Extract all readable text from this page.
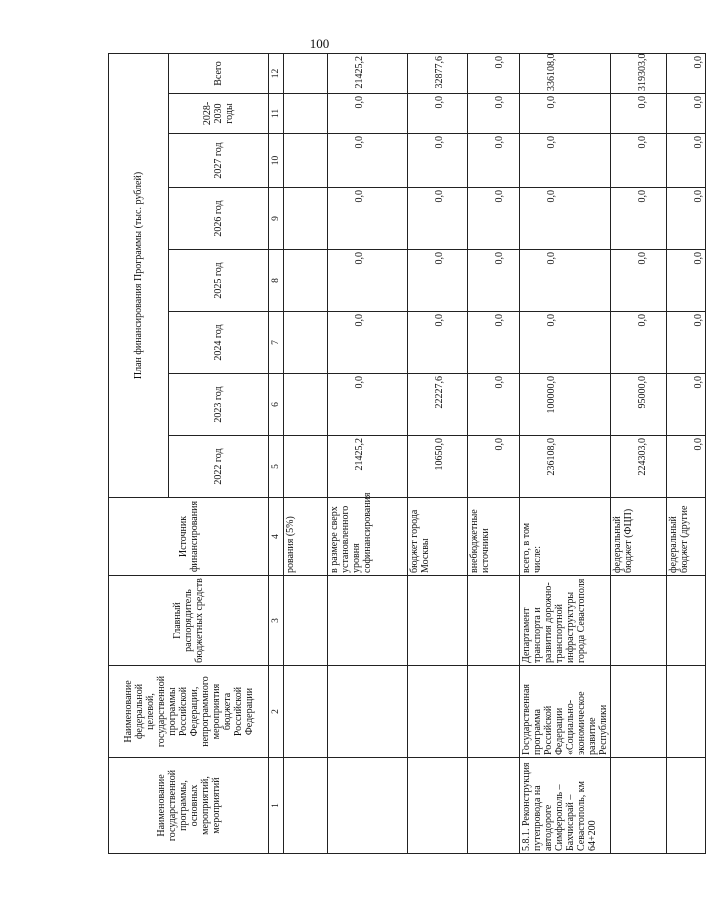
100
Наименование государственной программы, основных мероприятий, мероприятий	Наименование федеральной целевой, государственной программы Российской Федерации, непрограммного мероприятия бюджета Российской Федерации	Главный распорядитель бюджетных средств	Источник финансирования	План финансирования Программы (тыс. рублей)							
				2022 год	2023 год	2024 год	2025 год	2026 год	2027 год	2028-2030 годы	Всего
1	2	3	4	5	6	7	8	9	10	11	12
			рования (5%)								
			в размере сверх установленного уровня софинансирования	21425,2	0,0	0,0	0,0	0,0	0,0	0,0	21425,2
			бюджет города Москвы	10650,0	22227,6	0,0	0,0	0,0	0,0	0,0	32877,6
			внебюджетные источники	0,0	0,0	0,0	0,0	0,0	0,0	0,0	0,0
5.8.1. Реконструкция путепровода на автодороге Симферополь – Бахчисарай – Севастополь, км 64+200	Государственная программа Российской Федерации «Социально-экономическое развитие Республики	Департамент транспорта и развития дорожно-транспортной инфраструктуры города Севастополя	всего, в том числе:	236108,0	100000,0	0,0	0,0	0,0	0,0	0,0	336108,0
			федеральный бюджет (ФЦП)	224303,0	95000,0	0,0	0,0	0,0	0,0	0,0	319303,0
			федеральный бюджет (другие	0,0	0,0	0,0	0,0	0,0	0,0	0,0	0,0
